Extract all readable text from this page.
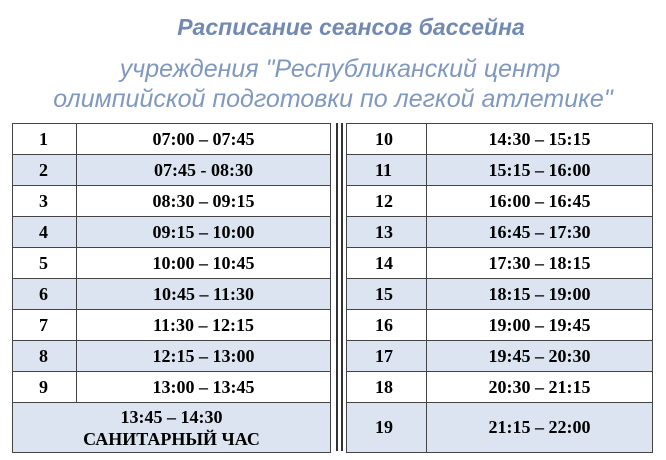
Расписание сеансов бассейна
учреждения "Республиканский центр
олимпийской подготовки по легкой атлетике"
1	07:00 – 07:45
2	07:45 - 08:30
3	08:30 – 09:15
4	09:15 – 10:00
5	10:00 – 10:45
6	10:45 – 11:30
7	11:30 – 12:15
8	12:15 – 13:00
9	13:00 – 13:45

13:45 – 14:30
САНИТАРНЫЙ ЧАС	
10	14:30 – 15:15
11	15:15 – 16:00
12	16:00 – 16:45
13	16:45 – 17:30
14	17:30 – 18:15
15	18:15 – 19:00
16	19:00 – 19:45
17	19:45 – 20:30
18	20:30 – 21:15
19	21:15 – 22:00
